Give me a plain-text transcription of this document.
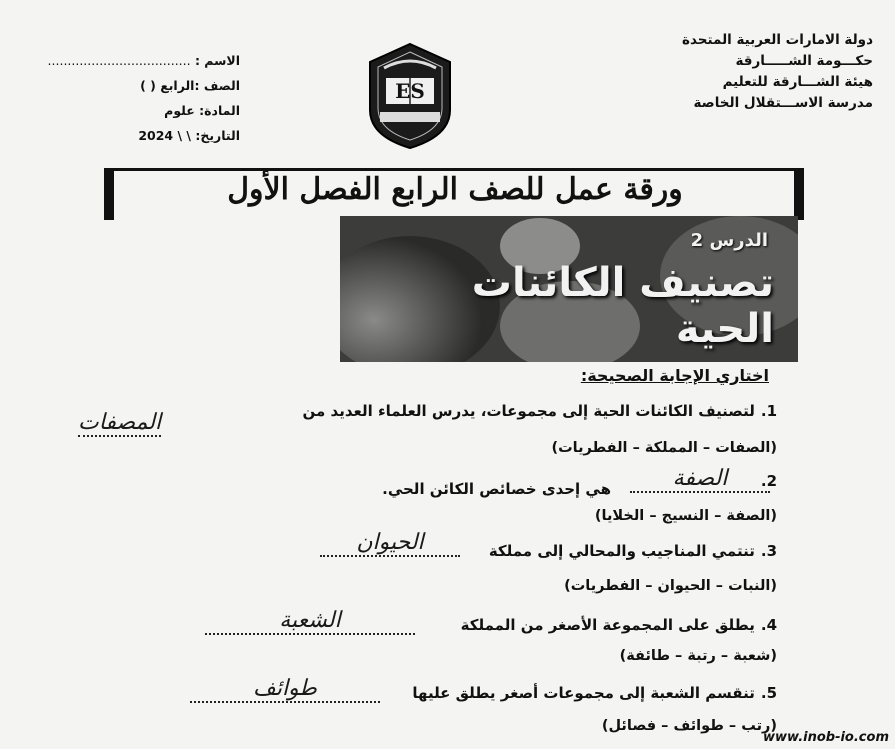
دولة الامارات العربية المتحدة
حكـــومة الشـــــارقة
هيئة الشـــارقة للتعليم
مدرسة الاســـتقلال الخاصة
الاسم : ....................................
الصف :الرابع ( )
المادة: علوم
التاريخ: \ \ 2024
ES
ورقة عمل للصف الرابع الفصل الأول
الدرس 2
تصنيف الكائنات
الحية
اختاري الإجابة الصحيحة:
1.لتصنيف الكائنات الحية إلى مجموعات، يدرس العلماء العديد من
المصفات
(الصفات – المملكة – الفطريات)
2.
الصفة
هي إحدى خصائص الكائن الحي.
(الصفة – النسيج – الخلايا)
3.تنتمي المناجيب والمحالي إلى مملكة
الحيوان
(النبات – الحيوان – الفطريات)
4.يطلق على المجموعة الأصغر من المملكة
الشعبة
(شعبة – رتبة – طائفة)
5.تنقسم الشعبة إلى مجموعات أصغر يطلق عليها
طوائف
(رتب – طوائف – فصائل)
www.inob-io.com
